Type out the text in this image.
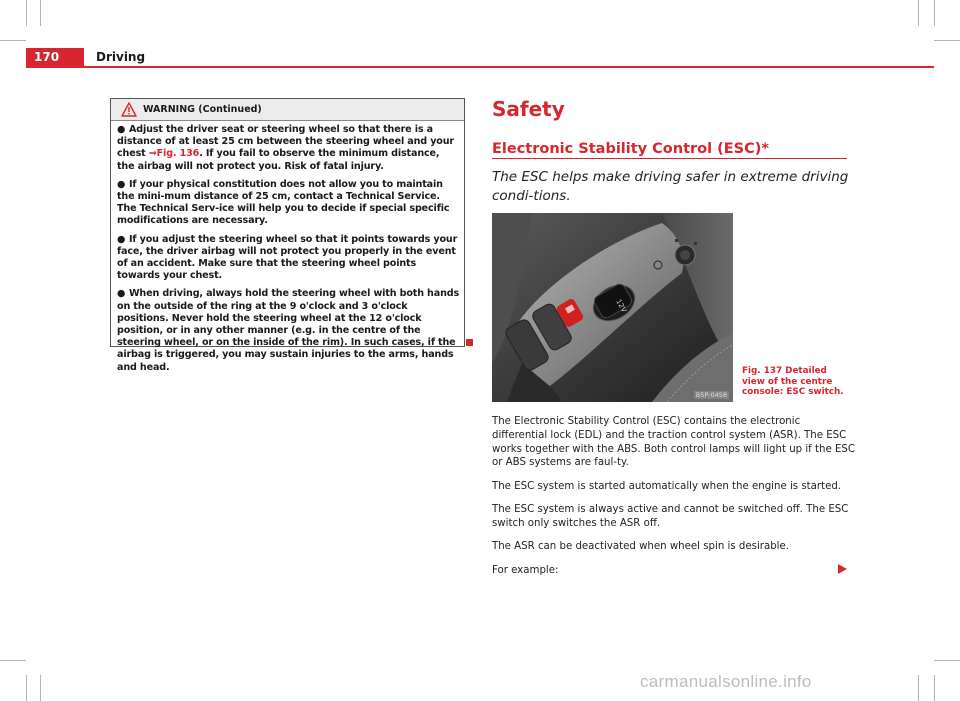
170	Driving
WARNING (Continued)

● Adjust the driver seat or steering wheel so that there is a distance of at least 25 cm between the steering wheel and your chest ⇒Fig. 136. If you fail to observe the minimum distance, the airbag will not protect you. Risk of fatal injury.

● If your physical constitution does not allow you to maintain the mini-mum distance of 25 cm, contact a Technical Service. The Technical Serv-ice will help you to decide if special specific modifications are necessary.

● If you adjust the steering wheel so that it points towards your face, the driver airbag will not protect you properly in the event of an accident. Make sure that the steering wheel points towards your chest.

● When driving, always hold the steering wheel with both hands on the outside of the ring at the 9 o'clock and 3 o'clock positions. Never hold the steering wheel at the 12 o'clock position, or in any other manner (e.g. in the centre of the steering wheel, or on the inside of the rim). In such cases, if the airbag is triggered, you may sustain injuries to the arms, hands and head.

Safety
Electronic Stability Control (ESC)*
The ESC helps make driving safer in extreme driving condi-tions.
12V
B5P-0458
Fig. 137 Detailed view of the centre console: ESC switch.

The Electronic Stability Control (ESC) contains the electronic differential lock (EDL) and the traction control system (ASR). The ESC works together with the ABS. Both control lamps will light up if the ESC or ABS systems are faul-ty.

The ESC system is started automatically when the engine is started.

The ESC system is always active and cannot be switched off. The ESC switch only switches the ASR off.

The ASR can be deactivated when wheel spin is desirable.

For example:

carmanualsonline.info
